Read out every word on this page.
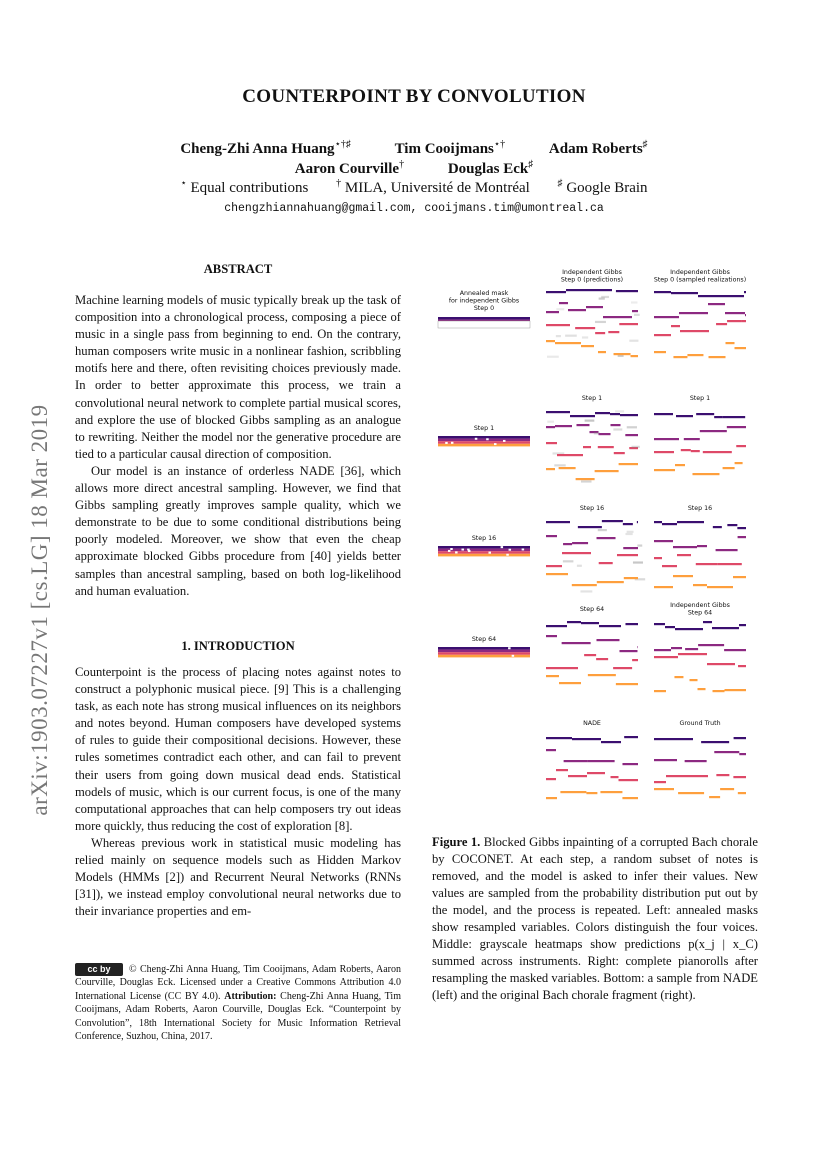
arXiv:1903.07227v1 [cs.LG] 18 Mar 2019
COUNTERPOINT BY CONVOLUTION
Cheng-Zhi Anna Huang⋆†♯	Tim Cooijmans⋆†	Adam Roberts♯
Aaron Courville†	Douglas Eck♯
⋆ Equal contributions	† MILA, Université de Montréal	♯ Google Brain
chengzhiannahuang@gmail.com, cooijmans.tim@umontreal.ca
ABSTRACT

Machine learning models of music typically break up the task of composition into a chronological process, composing a piece of music in a single pass from beginning to end. On the contrary, human composers write music in a nonlinear fashion, scribbling motifs here and there, often revisiting choices previously made. In order to better approximate this process, we train a convolutional neural network to complete partial musical scores, and explore the use of blocked Gibbs sampling as an analogue to rewriting. Neither the model nor the generative procedure are tied to a particular causal direction of composition.

Our model is an instance of orderless NADE [36], which allows more direct ancestral sampling. However, we find that Gibbs sampling greatly improves sample quality, which we demonstrate to be due to some conditional distributions being poorly modeled. Moreover, we show that even the cheap approximate blocked Gibbs procedure from [40] yields better samples than ancestral sampling, based on both log-likelihood and human evaluation.

1. INTRODUCTION

Counterpoint is the process of placing notes against notes to construct a polyphonic musical piece. [9] This is a challenging task, as each note has strong musical influences on its neighbors and notes beyond. Human composers have developed systems of rules to guide their compositional decisions. However, these rules sometimes contradict each other, and can fail to prevent their users from going down musical dead ends. Statistical models of music, which is our current focus, is one of the many computational approaches that can help composers try out ideas more quickly, thus reducing the cost of exploration [8].

Whereas previous work in statistical music modeling has relied mainly on sequence models such as Hidden Markov Models (HMMs [2]) and Recurrent Neural Networks (RNNs [31]), we instead employ convolutional neural networks due to their invariance properties and em-

cc by © Cheng-Zhi Anna Huang, Tim Cooijmans, Adam Roberts, Aaron Courville, Douglas Eck. Licensed under a Creative Commons Attribution 4.0 International License (CC BY 4.0). Attribution: Cheng-Zhi Anna Huang, Tim Cooijmans, Adam Roberts, Aaron Courville, Douglas Eck. “Counterpoint by Convolution”, 18th International Society for Music Information Retrieval Conference, Suzhou, China, 2017.
Independent Gibbs
Step 0 (predictions)
Independent Gibbs
Step 0 (sampled realizations)
Annealed mask
for independent Gibbs
Step 0
Step 1	Step 1
Step 1
Step 16	Step 16
Step 16
Step 64
Independent Gibbs
Step 64
Step 64
NADE	Ground Truth
Figure 1. Blocked Gibbs inpainting of a corrupted Bach chorale by COCONET. At each step, a random subset of notes is removed, and the model is asked to infer their values. New values are sampled from the probability distribution put out by the model, and the process is repeated. Left: annealed masks show resampled variables. Colors distinguish the four voices. Middle: grayscale heatmaps show predictions p(x_j | x_C) summed across instruments. Right: complete pianorolls after resampling the masked variables. Bottom: a sample from NADE (left) and the original Bach chorale fragment (right).
